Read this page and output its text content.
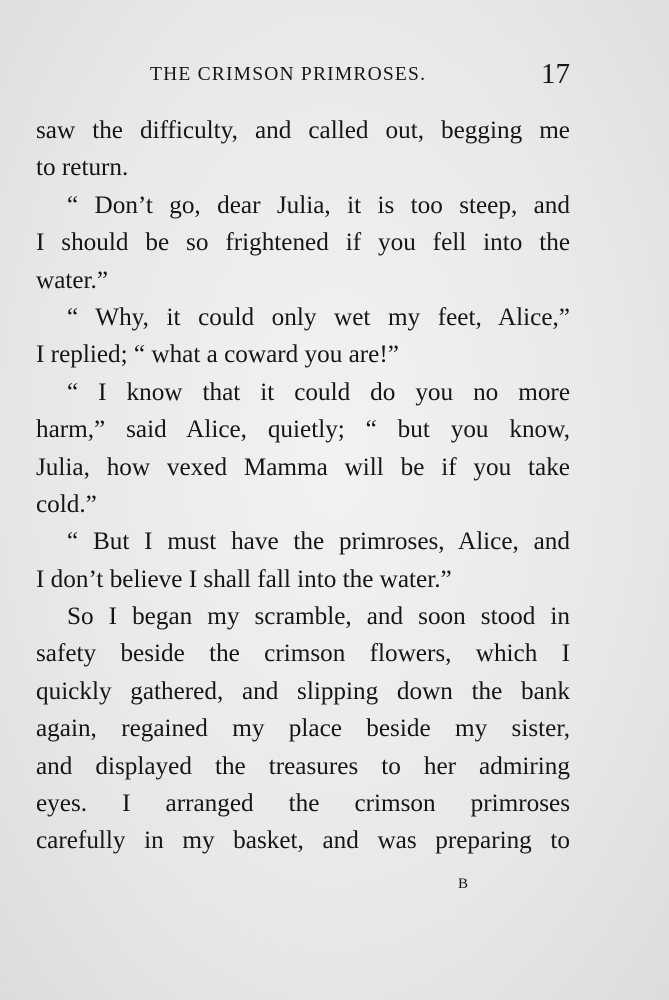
THE CRIMSON PRIMROSES.	17
saw the difficulty, and called out, begging me
to return.
“ Don’t go, dear Julia, it is too steep, and
I should be so frightened if you fell into the
water.”
“ Why, it could only wet my feet, Alice,”
I replied; “ what a coward you are!”
“ I know that it could do you no more
harm,” said Alice, quietly; “ but you know,
Julia, how vexed Mamma will be if you take
cold.”
“ But I must have the primroses, Alice, and
I don’t believe I shall fall into the water.”
So I began my scramble, and soon stood in
safety beside the crimson flowers, which I
quickly gathered, and slipping down the bank
again, regained my place beside my sister,
and displayed the treasures to her admiring
eyes. I arranged the crimson primroses
carefully in my basket, and was preparing to
B
